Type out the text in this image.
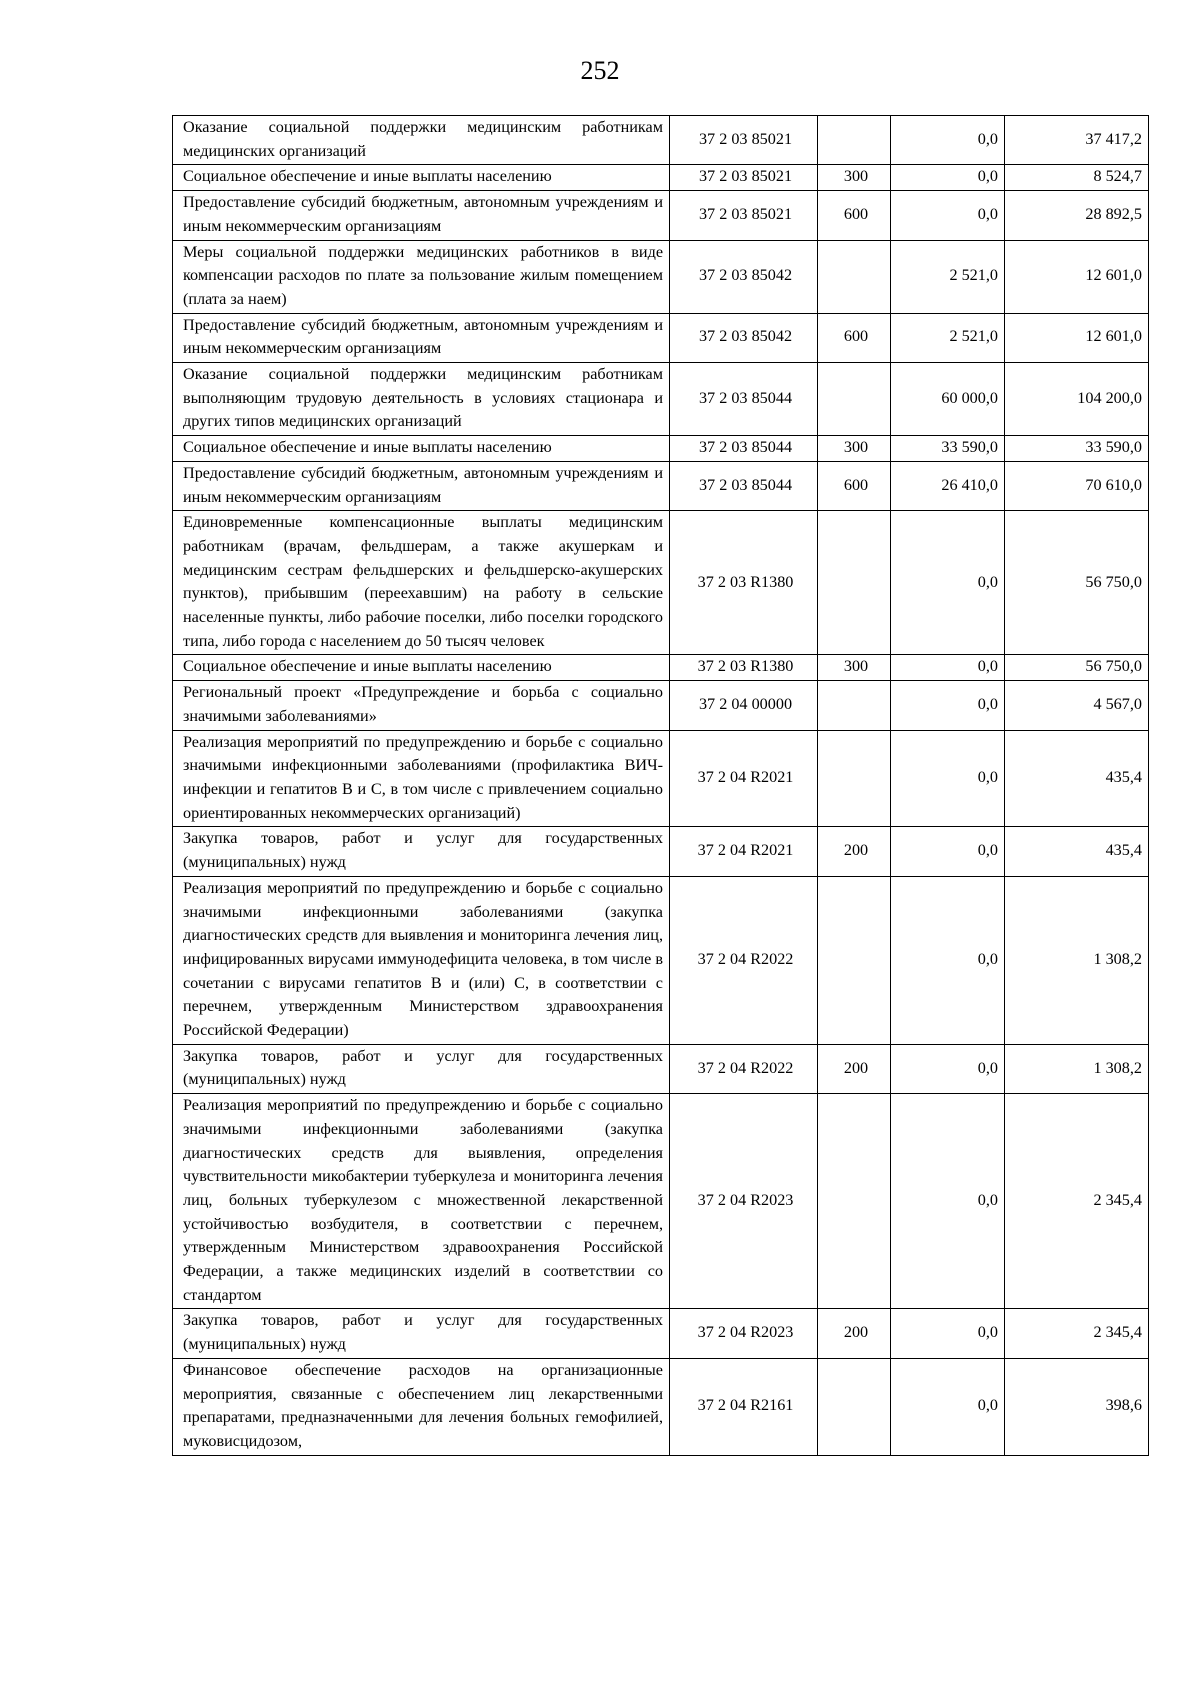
252
Оказание социальной поддержки медицинским работникам медицинских организаций	37 2 03 85021		0,0	37 417,2
Социальное обеспечение и иные выплаты населению	37 2 03 85021	300	0,0	8 524,7
Предоставление субсидий бюджетным, автономным учреждениям и иным некоммерческим организациям	37 2 03 85021	600	0,0	28 892,5
Меры социальной поддержки медицинских работников в виде компенсации расходов по плате за пользование жилым помещением (плата за наем)	37 2 03 85042		2 521,0	12 601,0
Предоставление субсидий бюджетным, автономным учреждениям и иным некоммерческим организациям	37 2 03 85042	600	2 521,0	12 601,0
Оказание социальной поддержки медицинским работникам выполняющим трудовую деятельность в условиях стационара и других типов медицинских организаций	37 2 03 85044		60 000,0	104 200,0
Социальное обеспечение и иные выплаты населению	37 2 03 85044	300	33 590,0	33 590,0
Предоставление субсидий бюджетным, автономным учреждениям и иным некоммерческим организациям	37 2 03 85044	600	26 410,0	70 610,0
Единовременные компенсационные выплаты медицинским работникам (врачам, фельдшерам, а также акушеркам и медицинским сестрам фельдшерских и фельдшерско-акушерских пунктов), прибывшим (переехавшим) на работу в сельские населенные пункты, либо рабочие поселки, либо поселки городского типа, либо города с населением до 50 тысяч человек	37 2 03 R1380		0,0	56 750,0
Социальное обеспечение и иные выплаты населению	37 2 03 R1380	300	0,0	56 750,0
Региональный проект «Предупреждение и борьба с социально значимыми заболеваниями»	37 2 04 00000		0,0	4 567,0
Реализация мероприятий по предупреждению и борьбе с социально значимыми инфекционными заболеваниями (профилактика ВИЧ-инфекции и гепатитов B и C, в том числе с привлечением социально ориентированных некоммерческих организаций)	37 2 04 R2021		0,0	435,4
Закупка товаров, работ и услуг для государственных (муниципальных) нужд	37 2 04 R2021	200	0,0	435,4
Реализация мероприятий по предупреждению и борьбе с социально значимыми инфекционными заболеваниями (закупка диагностических средств для выявления и мониторинга лечения лиц, инфицированных вирусами иммунодефицита человека, в том числе в сочетании с вирусами гепатитов B и (или) C, в соответствии с перечнем, утвержденным Министерством здравоохранения Российской Федерации)	37 2 04 R2022		0,0	1 308,2
Закупка товаров, работ и услуг для государственных (муниципальных) нужд	37 2 04 R2022	200	0,0	1 308,2
Реализация мероприятий по предупреждению и борьбе с социально значимыми инфекционными заболеваниями (закупка диагностических средств для выявления, определения чувствительности микобактерии туберкулеза и мониторинга лечения лиц, больных туберкулезом с множественной лекарственной устойчивостью возбудителя, в соответствии с перечнем, утвержденным Министерством здравоохранения Российской Федерации, а также медицинских изделий в соответствии со стандартом	37 2 04 R2023		0,0	2 345,4
Закупка товаров, работ и услуг для государственных (муниципальных) нужд	37 2 04 R2023	200	0,0	2 345,4
Финансовое обеспечение расходов на организационные мероприятия, связанные с обеспечением лиц лекарственными препаратами, предназначенными для лечения больных гемофилией, муковисцидозом,	37 2 04 R2161		0,0	398,6
